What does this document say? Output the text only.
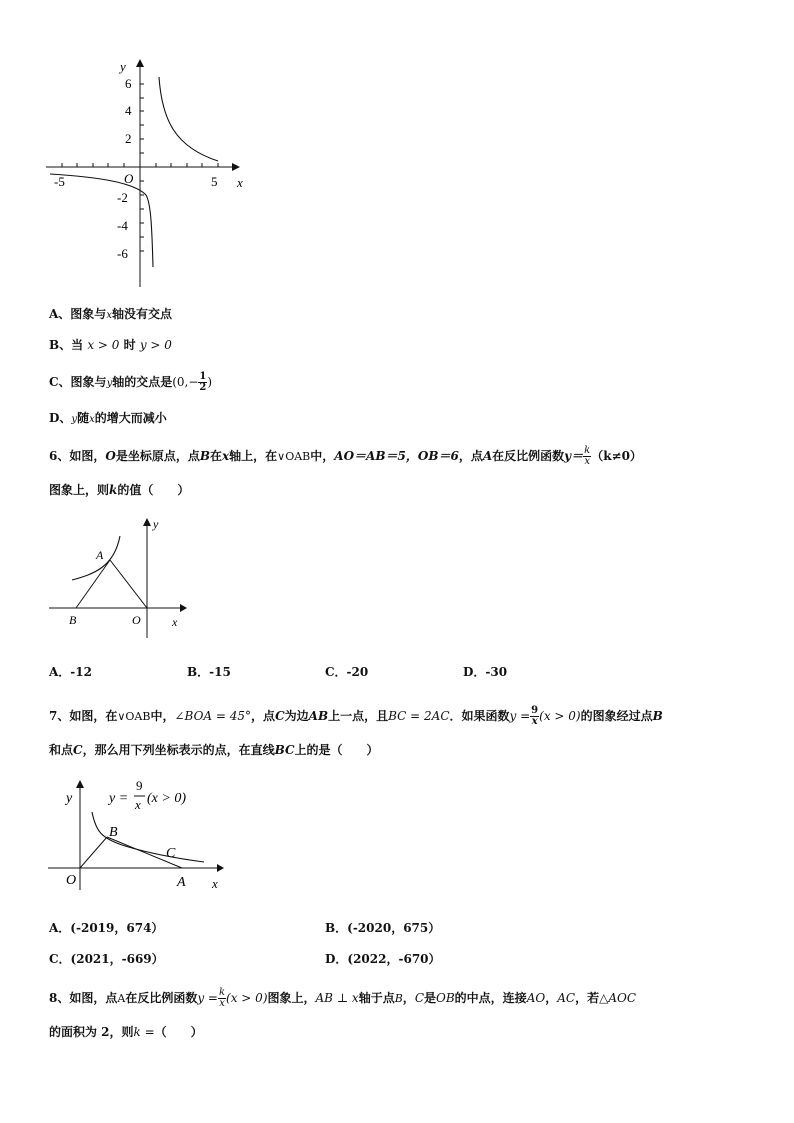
y
x
O
-5	5
6
4
2
-2
-4
-6
A、图象与x轴没有交点
B、当 x > 0 时 y > 0
C、图象与y轴的交点是($0,- \frac{1}{2}$ )
D、y随x的增大而减小
6、如图，O是坐标原点，点B在x轴上，在∨OAB中，AO＝AB＝5，OB＝6，点A在反比例函数$y= \frac{k}{x} (k\ne 0)$
图象上，则k的值（　　）
y
A
B	O	x
A．-12	B．-15	C．-20	D．-30
7、如图，在∨OAB中，∠BOA = 45°，点C为边AB上一点，且BC = 2AC．如果函数$y = \frac{9}{x} (x > 0)$的图象经过点B
和点C，那么用下列坐标表示的点，在直线BC上的是（　　）
y	y =
9
x (x > 0)
B
C
O	A x
A．(-2019，674）	B．(-2020，675）
C．(2021，-669）	D．(2022，-670）
8、如图，点A在反比例函数$y = \frac{k}{x} (x > 0)$图象上，AB ⊥ x轴于点B，C是OB的中点，连接AO，AC，若△AOC
的面积为 2，则k =（　　）
